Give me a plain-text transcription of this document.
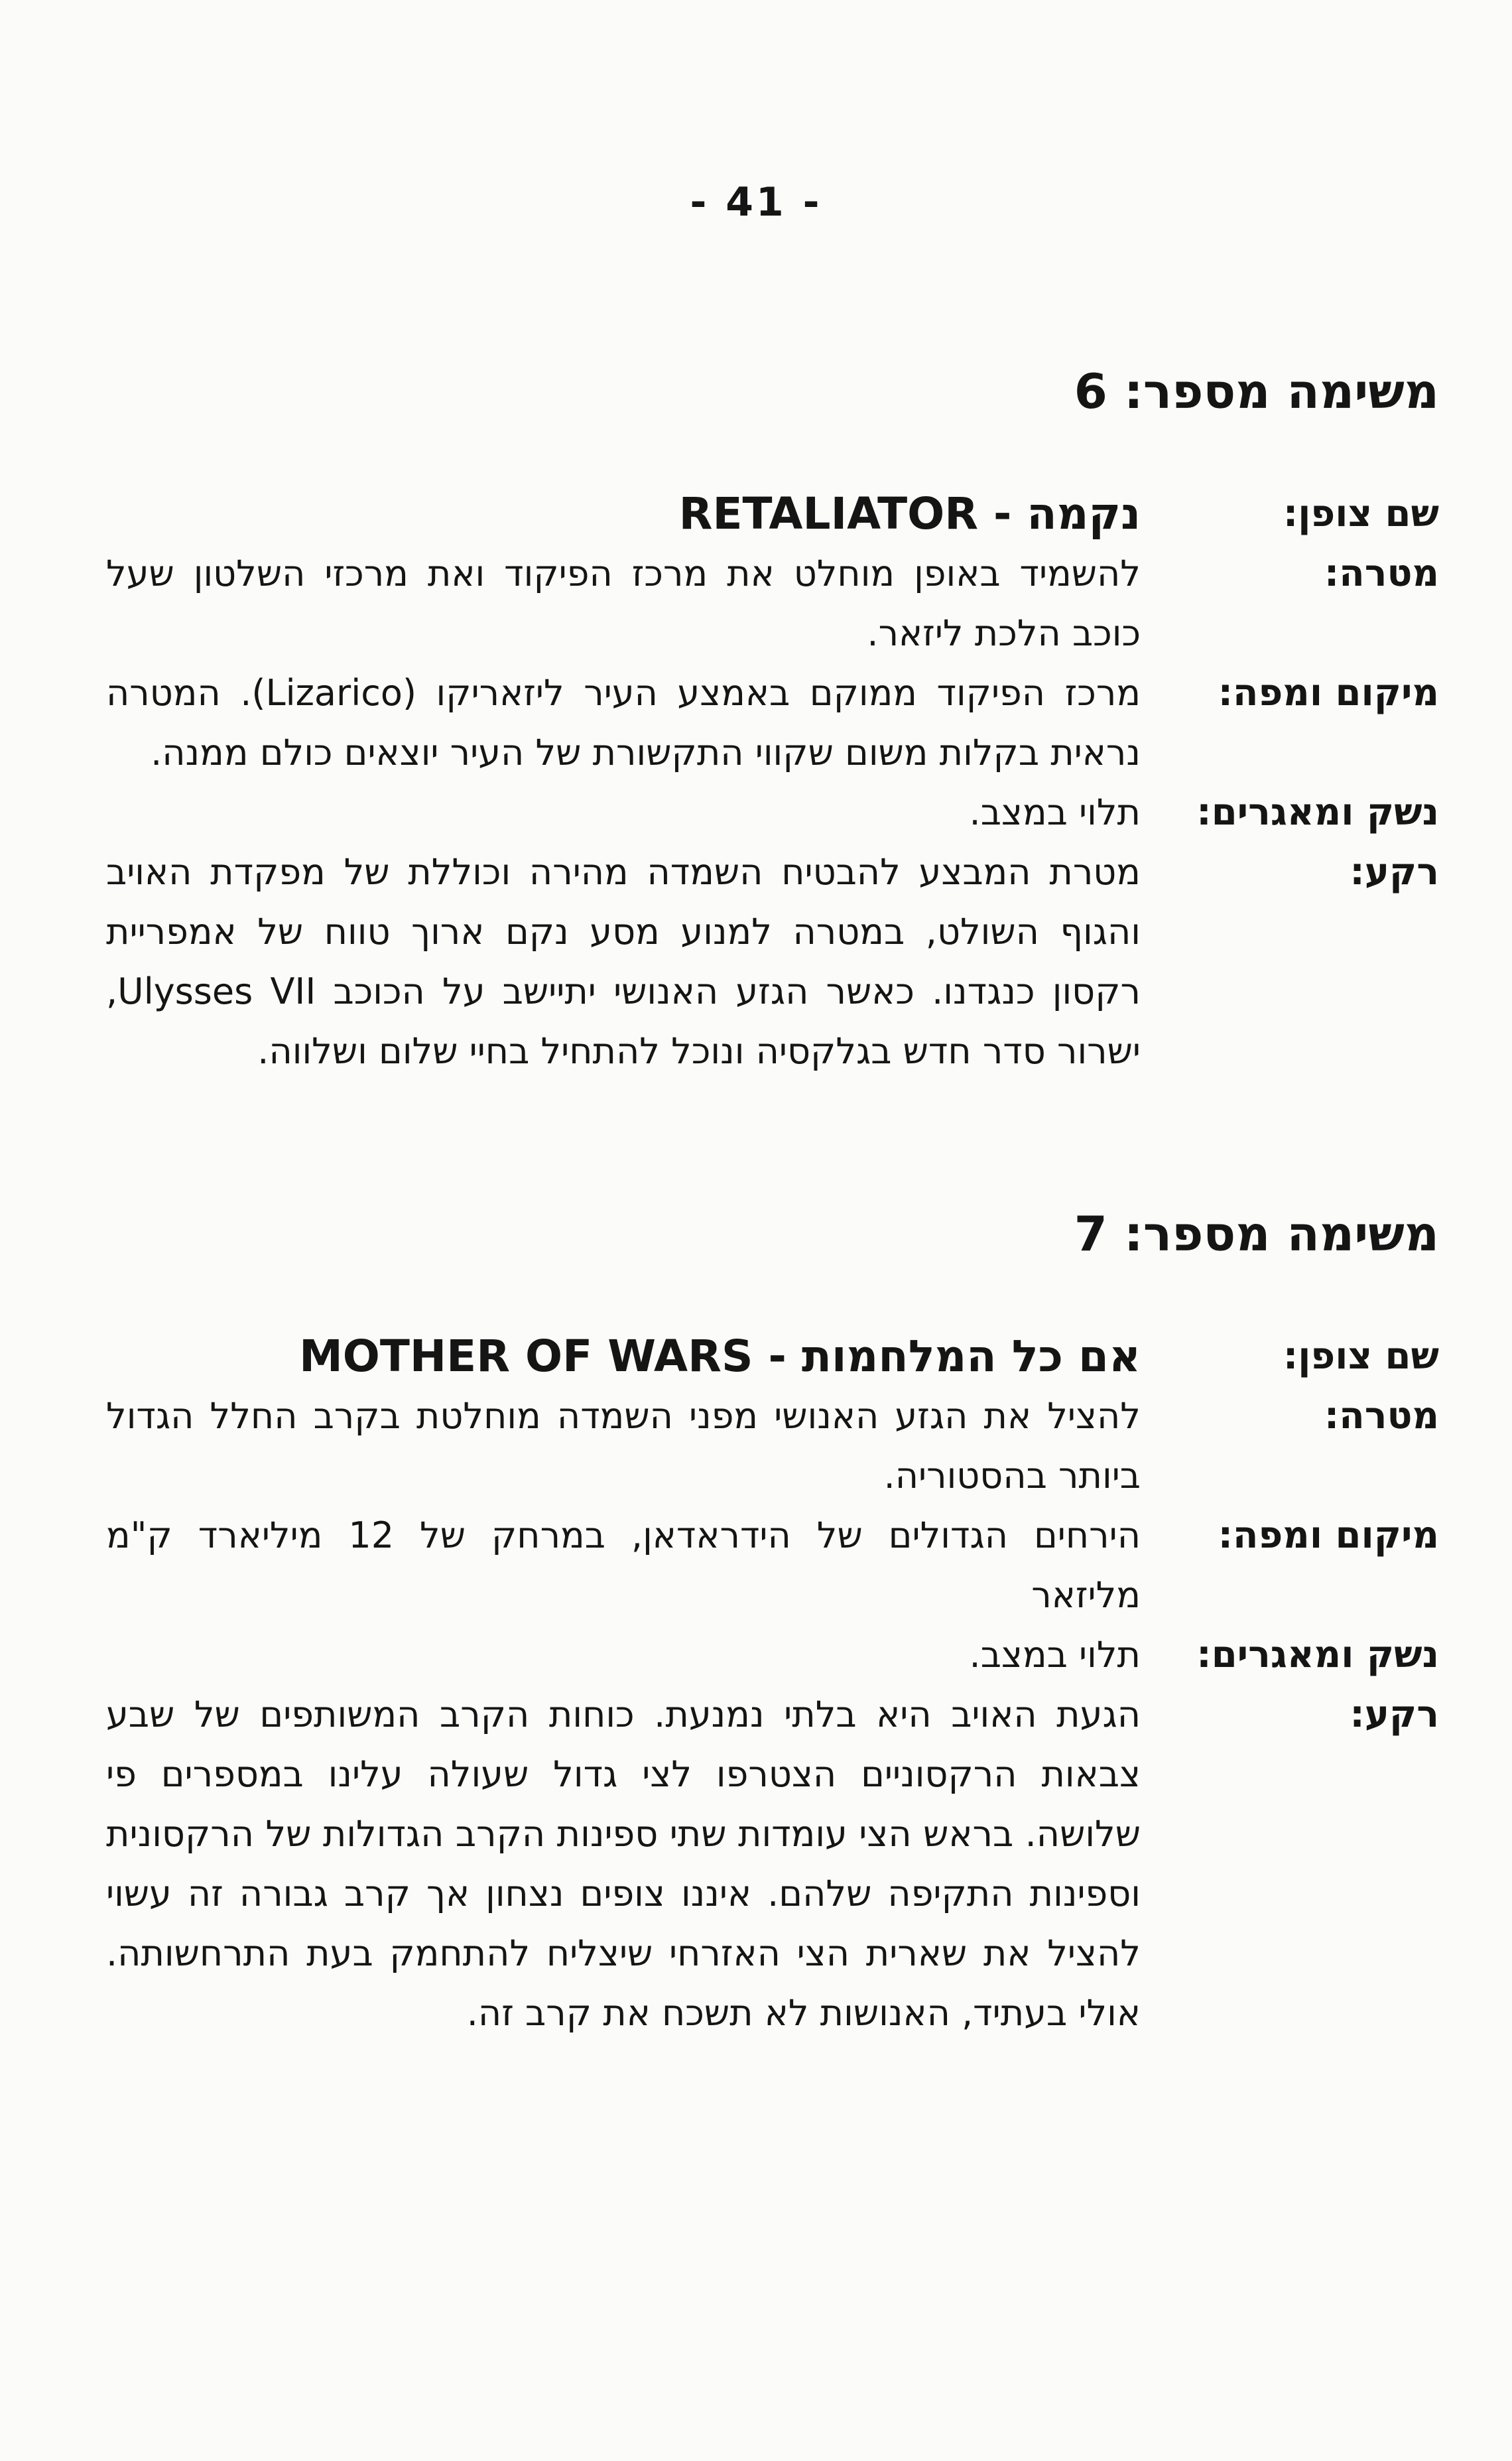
- 41 -
משימה מספר: 6
שם צופן:
נקמה - RETALIATOR
מטרה:
להשמיד באופן מוחלט את מרכז הפיקוד ואת מרכזי השלטון שעל כוכב הלכת ליזאר.
מיקום ומפה:
מרכז הפיקוד ממוקם באמצע העיר ליזאריקו (Lizarico). המטרה נראית בקלות משום שקווי התקשורת של העיר יוצאים כולם ממנה.
נשק ומאגרים:
תלוי במצב.
רקע:
מטרת המבצע להבטיח השמדה מהירה וכוללת של מפקדת האויב והגוף השולט, במטרה למנוע מסע נקם ארוך טווח של אמפריית רקסון כנגדנו. כאשר הגזע האנושי יתיישב על הכוכב Ulysses VII, ישרור סדר חדש בגלקסיה ונוכל להתחיל בחיי שלום ושלווה.
משימה מספר: 7
שם צופן:
אם כל המלחמות - MOTHER OF WARS
מטרה:
להציל את הגזע האנושי מפני השמדה מוחלטת בקרב החלל הגדול ביותר בהסטוריה.
מיקום ומפה:
הירחים הגדולים של הידראדאן, במרחק של 12 מיליארד ק"מ מליזאר
נשק ומאגרים:
תלוי במצב.
רקע:
הגעת האויב היא בלתי נמנעת. כוחות הקרב המשותפים של שבע צבאות הרקסוניים הצטרפו לצי גדול שעולה עלינו במספרים פי שלושה. בראש הצי עומדות שתי ספינות הקרב הגדולות של הרקסונית וספינות התקיפה שלהם. איננו צופים נצחון אך קרב גבורה זה עשוי להציל את שארית הצי האזרחי שיצליח להתחמק בעת התרחשותה. אולי בעתיד, האנושות לא תשכח את קרב זה.
